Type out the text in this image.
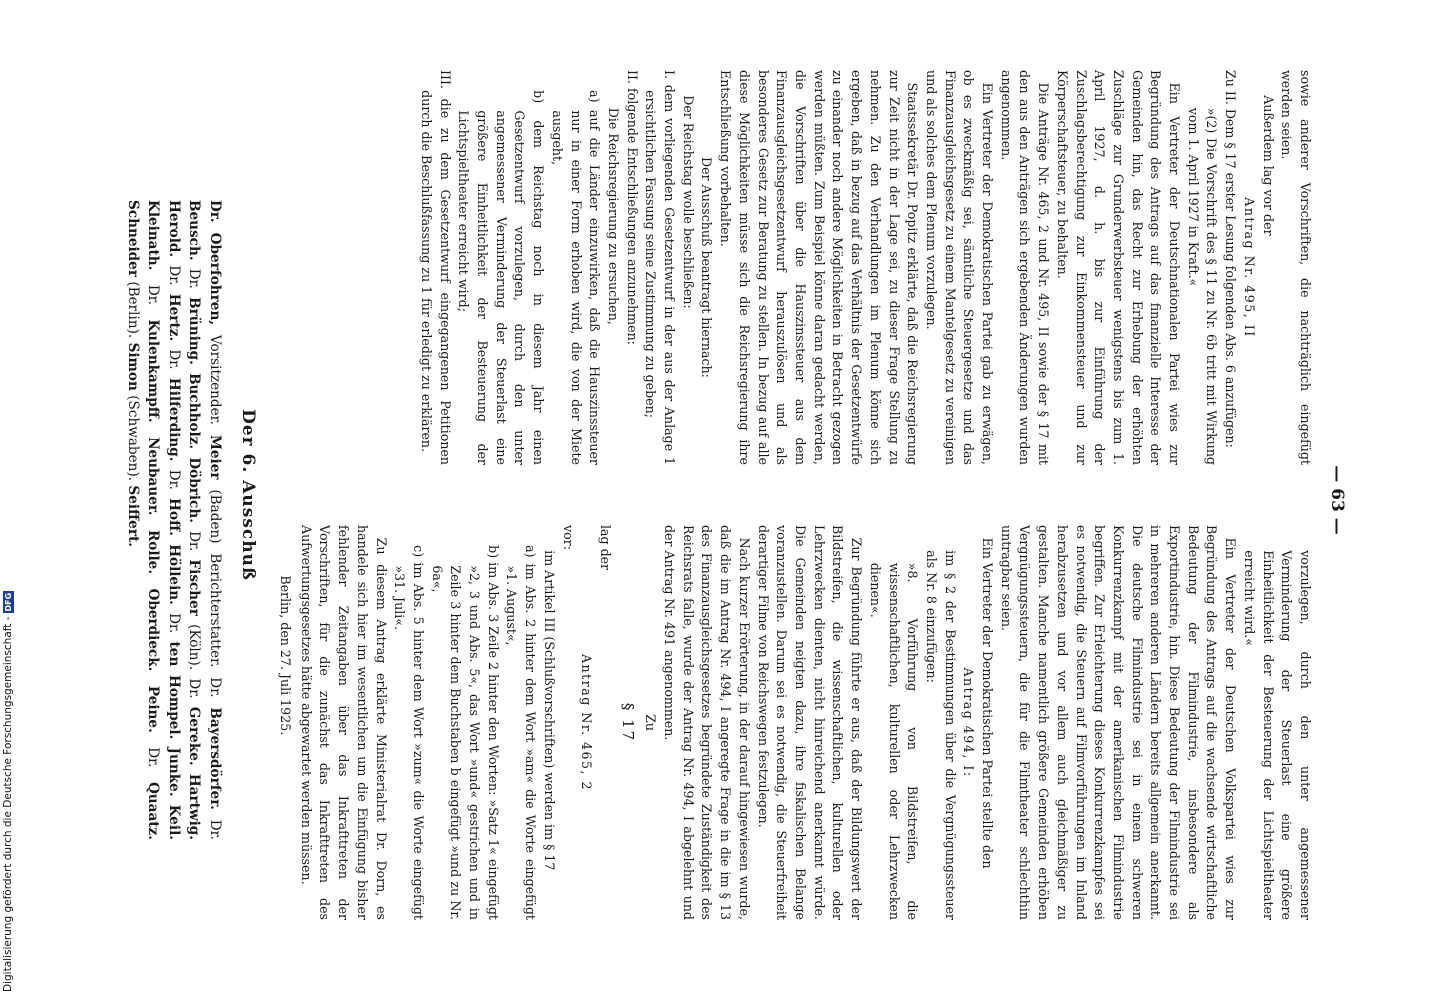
— 63 —

sowie anderer Vorschriften, die nachträglich eingefügt werden seien.

Außerdem lag vor der

Antrag Nr. 495, II

Zu II. Dem § 17 erster Lesung folgenden Abs. 6 anzufügen:

»(2) Die Vorschrift des § 11 zu Nr. 6b tritt mit Wirkung vom 1. April 1927 in Kraft.«

Ein Vertreter der Deutschnationalen Partei wies zur Begründung des Antrags auf das finanzielle Interesse der Gemeinden hin, das Recht zur Erhebung der erhöhten Zuschläge zur Grunderwerbsteuer wenigstens bis zum 1. April 1927, d. h. bis zur Einführung der Zuschlagsberechtigung zur Einkommensteuer und zur Körperschaftsteuer, zu behalten.

Die Anträge Nr. 465, 2 und Nr. 495, II sowie der § 17 mit den aus den Anträgen sich ergebenden Änderungen wurden angenommen.

Ein Vertreter der Demokratischen Partei gab zu erwägen, ob es zweckmäßig sei, sämtliche Steuergesetze und das Finanzausgleichsgesetz zu einem Mantelgesetz zu vereinigen und als solches dem Plenum vorzulegen.

Staatssekretär Dr. Popitz erklärte, daß die Reichsregierung zur Zeit nicht in der Lage sei, zu dieser Frage Stellung zu nehmen. Zu den Verhandlungen im Plenum könne sich ergeben, daß in bezug auf das Verhältnis der Gesetzentwürfe zu einander noch andere Möglichkeiten in Betracht gezogen werden müßten. Zum Beispiel könne daran gedacht werden, die Vorschriften über die Hauszinssteuer aus dem Finanzausgleichsgesetzentwurf herauszulösen und als besonderes Gesetz zur Beratung zu stellen. In bezug auf alle diese Möglichkeiten müsse sich die Reichsregierung ihre Entschließung vorbehalten.

Der Ausschuß beantragt hiernach:

Der Reichstag wolle beschließen:

I. dem vorliegenden Gesetzentwurf in der aus der Anlage 1 ersichtlichen Fassung seine Zustimmung zu geben;

II. folgende Entschließungen anzunehmen:

Die Reichsregierung zu ersuchen,

a) auf die Länder einzuwirken, daß die Hauszinssteuer nur in einer Form erhoben wird, die von der Miete ausgeht,

b) dem Reichstag noch in diesem Jahr einen Gesetzentwurf vorzulegen, durch den unter angemessener Verminderung der Steuerlast eine größere Einheitlichkeit der Besteuerung der Lichtspieltheater erreicht wird;

III. die zu dem Gesetzentwurf eingegangenen Petitionen durch die Beschlußfassung zu 1 für erledigt zu erklären.

vorzulegen, durch den unter angemessener Verminderung der Steuerlast eine größere Einheitlichkeit der Besteuerung der Lichtspieltheater erreicht wird.«

Ein Vertreter der Deutschen Volkspartei wies zur Begründung des Antrags auf die wachsende wirtschaftliche Bedeutung der Filmindustrie, insbesondere als Exportindustrie, hin. Diese Bedeutung der Filmindustrie sei in mehreren anderen Ländern bereits allgemein anerkannt. Die deutsche Filmindustrie sei in einem schweren Konkurrenzkampf mit der amerikanischen Filmindustrie begriffen. Zur Erleichterung dieses Konkurrenzkampfes sei es notwendig, die Steuern auf Filmvorführungen im Inland herabzusetzen und vor allem auch gleichmäßiger zu gestalten. Manche namentlich größere Gemeinden erhöben Vergnügungssteuern, die für die Filmtheater schlechthin untragbar seien.

Ein Vertreter der Demokratischen Partei stellte den

Antrag 494, I:

im § 2 der Bestimmungen über die Vergnügungssteuer als Nr. 8 einzufügen:

»8. Vorführung von Bildstreifen, die wissenschaftlichen, kulturellen oder Lehrzwecken dienen«.

Zur Begründung führte er aus, daß der Bildungswert der Bildstreifen, die wissenschaftlichen, kulturellen oder Lehrzwecken dienten, nicht hinreichend anerkannt würde. Die Gemeinden neigten dazu, ihre fiskalischen Belange voranzustellen. Darum sei es notwendig, die Steuerfreiheit derartiger Filme von Reichswegen festzulegen.

Nach kurzer Erörterung, in der darauf hingewiesen wurde, daß die im Antrag Nr. 494, I angeregte Frage in die im § 13 des Finanzausgleichsgesetzes begründete Zuständigkeit des Reichsrats falle, wurde der Antrag Nr. 494, I abgelehnt und der Antrag Nr. 491 angenommen.

Zu

§ 17

lag der

Antrag Nr. 465, 2

vor:

im Artikel III (Schlußvorschriften) werden im § 17

a) im Abs. 2 hinter dem Wort »am« die Worte eingefügt »1. August«,

b) im Abs. 3 Zeile 2 hinter den Worten: »Satz 1« eingefügt »2, 3 und Abs. 5«, das Wort »und« gestrichen und in Zeile 3 hinter dem Buchstaben b eingefügt »und zu Nr. 6a«,

c) im Abs. 5 hinter dem Wort »zum« die Worte eingefügt »31. Juli«.

Zu diesem Antrag erklärte Ministerialrat Dr. Dorn, es handele sich hier im wesentlichen um die Einfügung bisher fehlender Zeitangaben über das Inkrafttreten der Vorschriften, für die zunächst das Inkrafttreten des Aufwertungsgesetzes hätte abgewartet werden müssen.

Berlin, den 27. Juli 1925.

Der 6. Ausschuß
Dr. Oberfohren, Vorsitzender. Meier (Baden) Berichterstatter. Dr. Bayersdörfer. Dr. Beusch. Dr. Brüning. Buchholz. Döbrich. Dr. Fischer (Köln). Dr. Gereke. Hartwig. Herold. Dr. Hertz. Dr. Hilferding. Dr. Hoff. Höllein. Dr. ten Hompel. Junke. Keil. Kleinath. Dr. Kulenkampff. Neubauer. Rolle. Oberdieck. Peine. Dr. Quaatz. Schneider (Berlin). Simon (Schwaben). Seiffert.
Digitalisierung gefördert durch die Deutsche Forschungsgemeinschaft -DFG
